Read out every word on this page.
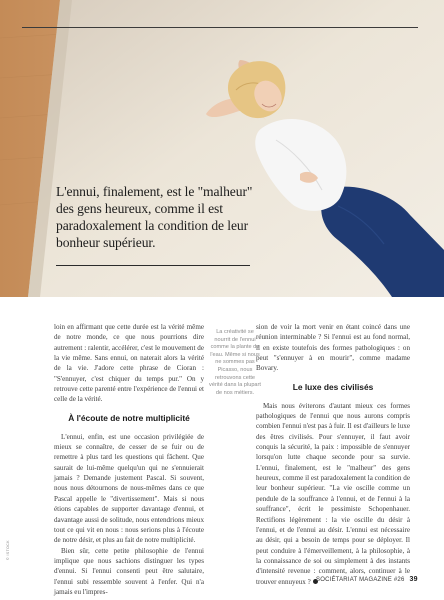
L'ennui, finalement, est le "malheur" des gens heureux, comme il est paradoxalement la condition de leur bonheur supérieur.
© ISTOCK

loin en affirmant que cette durée est la vérité même de notre monde, ce que nous pourrions dire autrement : ralentir, accélérer, c'est le mouvement de la vie même. Sans ennui, on naterait alors la vérité de la vie. J'adore cette phrase de Cioran : "S'ennuyer, c'est chiquer du temps pur." On y retrouve cette parenté entre l'expérience de l'ennui et celle de la vérité.

À l'écoute de notre multiplicité

L'ennui, enfin, est une occasion privilégiée de mieux se connaître, de cesser de se fuir ou de remettre à plus tard les questions qui fâchent. Que saurait de lui-même quelqu'un qui ne s'ennuierait jamais ? Demande justement Pascal. Si souvent, nous nous détournons de nous-mêmes dans ce que Pascal appelle le "divertissement". Mais si nous étions capables de supporter davantage d'ennui, et davantage aussi de solitude, nous entendrions mieux tout ce qui vit en nous : nous serions plus à l'écoute de notre désir, et plus au fait de notre multiplicité.

Bien sûr, cette petite philosophie de l'ennui implique que nous sachions distinguer les types d'ennui. Si l'ennui consenti peut être salutaire, l'ennui subi ressemble souvent à l'enfer. Qui n'a jamais eu l'impres-

La créativité se nourrit de l'ennui comme la plante de l'eau. Même si nous ne sommes pas Picasso, nous retrouvons cette vérité dans la plupart de nos métiers.

sion de voir la mort venir en étant coincé dans une réunion interminable ? Si l'ennui est au fond normal, il en existe toutefois des formes pathologiques : on peut "s'ennuyer à en mourir", comme madame Bovary.

Le luxe des civilisés

Mais nous éviterons d'autant mieux ces formes pathologiques de l'ennui que nous aurons compris combien l'ennui n'est pas à fuir. Il est d'ailleurs le luxe des êtres civilisés. Pour s'ennuyer, il faut avoir conquis la sécurité, la paix : impossible de s'ennuyer lorsqu'on lutte chaque seconde pour sa survie. L'ennui, finalement, est le "malheur" des gens heureux, comme il est paradoxalement la condition de leur bonheur supérieur. "La vie oscille comme un pendule de la souffrance à l'ennui, et de l'ennui à la souffrance", écrit le pessimiste Schopenhauer. Rectifions légèrement : la vie oscille du désir à l'ennui, et de l'ennui au désir. L'ennui est nécessaire au désir, qui a besoin de temps pour se déployer. Il peut conduire à l'émerveillement, à la philosophie, à la connaissance de soi ou simplement à des instants d'intensité revenue : comment, alors, continuer à le trouver ennuyeux ? SOCIÉTARIAT MAGAZINE #26 39
